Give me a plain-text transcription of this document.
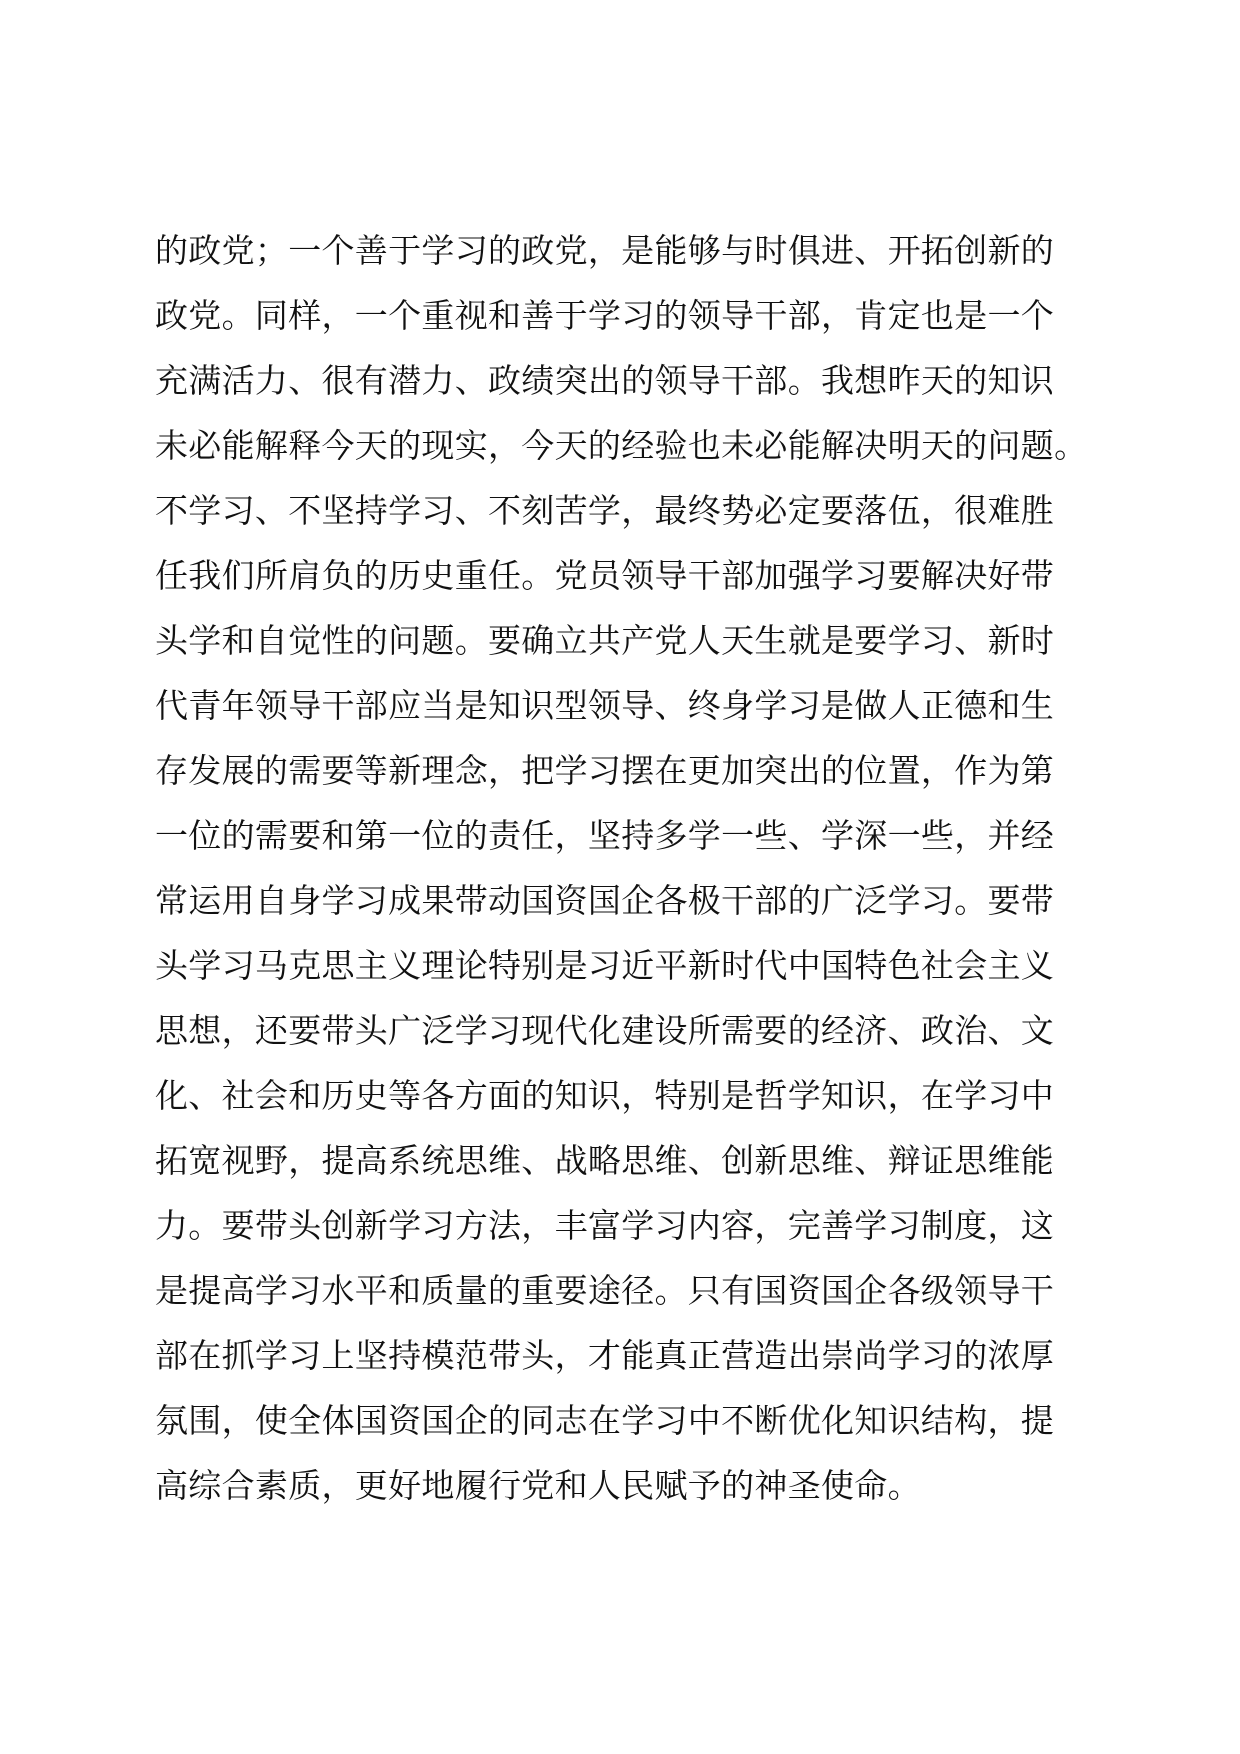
的政党；一个善于学习的政党，是能够与时俱进、开拓创新的
政党。同样，一个重视和善于学习的领导干部，肯定也是一个
充满活力、很有潜力、政绩突出的领导干部。我想昨天的知识
未必能解释今天的现实，今天的经验也未必能解决明天的问题。
不学习、不坚持学习、不刻苦学，最终势必定要落伍，很难胜
任我们所肩负的历史重任。党员领导干部加强学习要解决好带
头学和自觉性的问题。要确立共产党人天生就是要学习、新时
代青年领导干部应当是知识型领导、终身学习是做人正德和生
存发展的需要等新理念，把学习摆在更加突出的位置，作为第
一位的需要和第一位的责任，坚持多学一些、学深一些，并经
常运用自身学习成果带动国资国企各极干部的广泛学习。要带
头学习马克思主义理论特别是习近平新时代中国特色社会主义
思想，还要带头广泛学习现代化建设所需要的经济、政治、文
化、社会和历史等各方面的知识，特别是哲学知识，在学习中
拓宽视野，提高系统思维、战略思维、创新思维、辩证思维能
力。要带头创新学习方法，丰富学习内容，完善学习制度，这
是提高学习水平和质量的重要途径。只有国资国企各级领导干
部在抓学习上坚持模范带头，才能真正营造出崇尚学习的浓厚
氛围，使全体国资国企的同志在学习中不断优化知识结构，提
高综合素质，更好地履行党和人民赋予的神圣使命。
